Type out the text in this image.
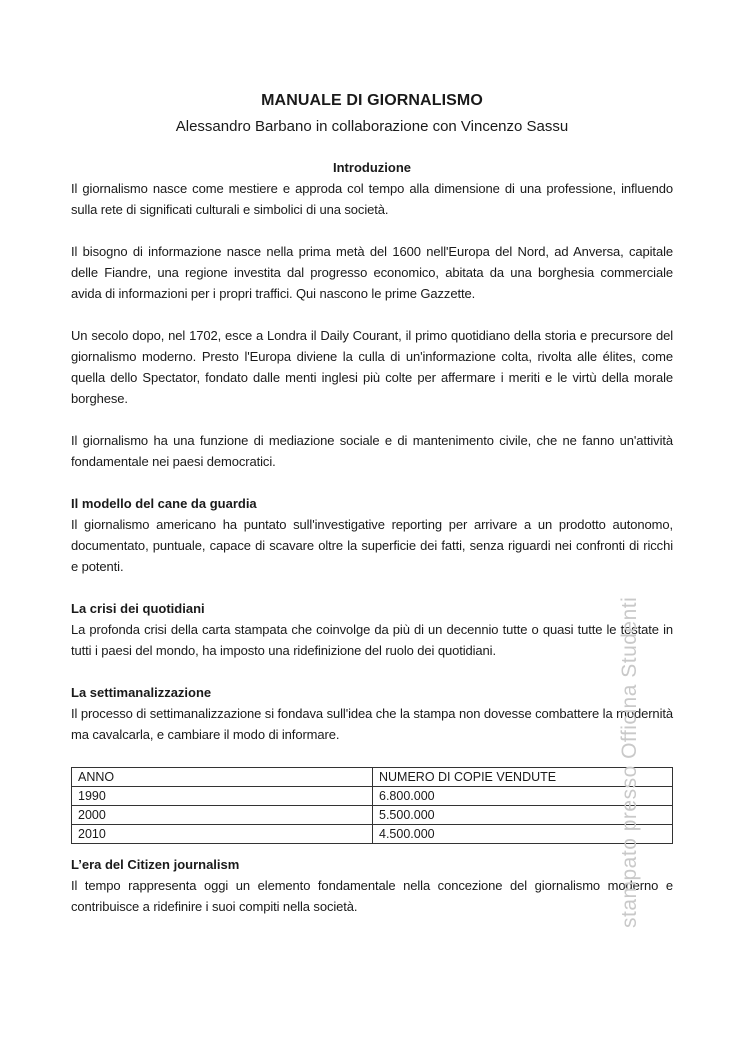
MANUALE DI GIORNALISMO
Alessandro Barbano in collaborazione con Vincenzo Sassu
Introduzione

Il giornalismo nasce come mestiere e approda col tempo alla dimensione di una professione, influendo sulla rete di significati culturali e simbolici di una società.

Il bisogno di informazione nasce nella prima metà del 1600 nell'Europa del Nord, ad Anversa, capitale delle Fiandre, una regione investita dal progresso economico, abitata da una borghesia commerciale avida di informazioni per i propri traffici. Qui nascono le prime Gazzette.

Un secolo dopo, nel 1702, esce a Londra il Daily Courant, il primo quotidiano della storia e precursore del giornalismo moderno. Presto l'Europa diviene la culla di un'informazione colta, rivolta alle élites, come quella dello Spectator, fondato dalle menti inglesi più colte per affermare i meriti e le virtù della morale borghese.

Il giornalismo ha una funzione di mediazione sociale e di mantenimento civile, che ne fanno un'attività fondamentale nei paesi democratici.

Il modello del cane da guardia

Il giornalismo americano ha puntato sull'investigative reporting per arrivare a un prodotto autonomo, documentato, puntuale, capace di scavare oltre la superficie dei fatti, senza riguardi nei confronti di ricchi e potenti.

La crisi dei quotidiani

La profonda crisi della carta stampata che coinvolge da più di un decennio tutte o quasi tutte le testate in tutti i paesi del mondo, ha imposto una ridefinizione del ruolo dei quotidiani.

La settimanalizzazione

Il processo di settimanalizzazione si fondava sull'idea che la stampa non dovesse combattere la modernità ma cavalcarla, e cambiare il modo di informare.

ANNO	NUMERO DI COPIE VENDUTE
1990	6.800.000
2000	5.500.000
2010	4.500.000
L’era del Citizen journalism

Il tempo rappresenta oggi un elemento fondamentale nella concezione del giornalismo moderno e contribuisce a ridefinire i suoi compiti nella società.	stampato presso Officina Studenti
